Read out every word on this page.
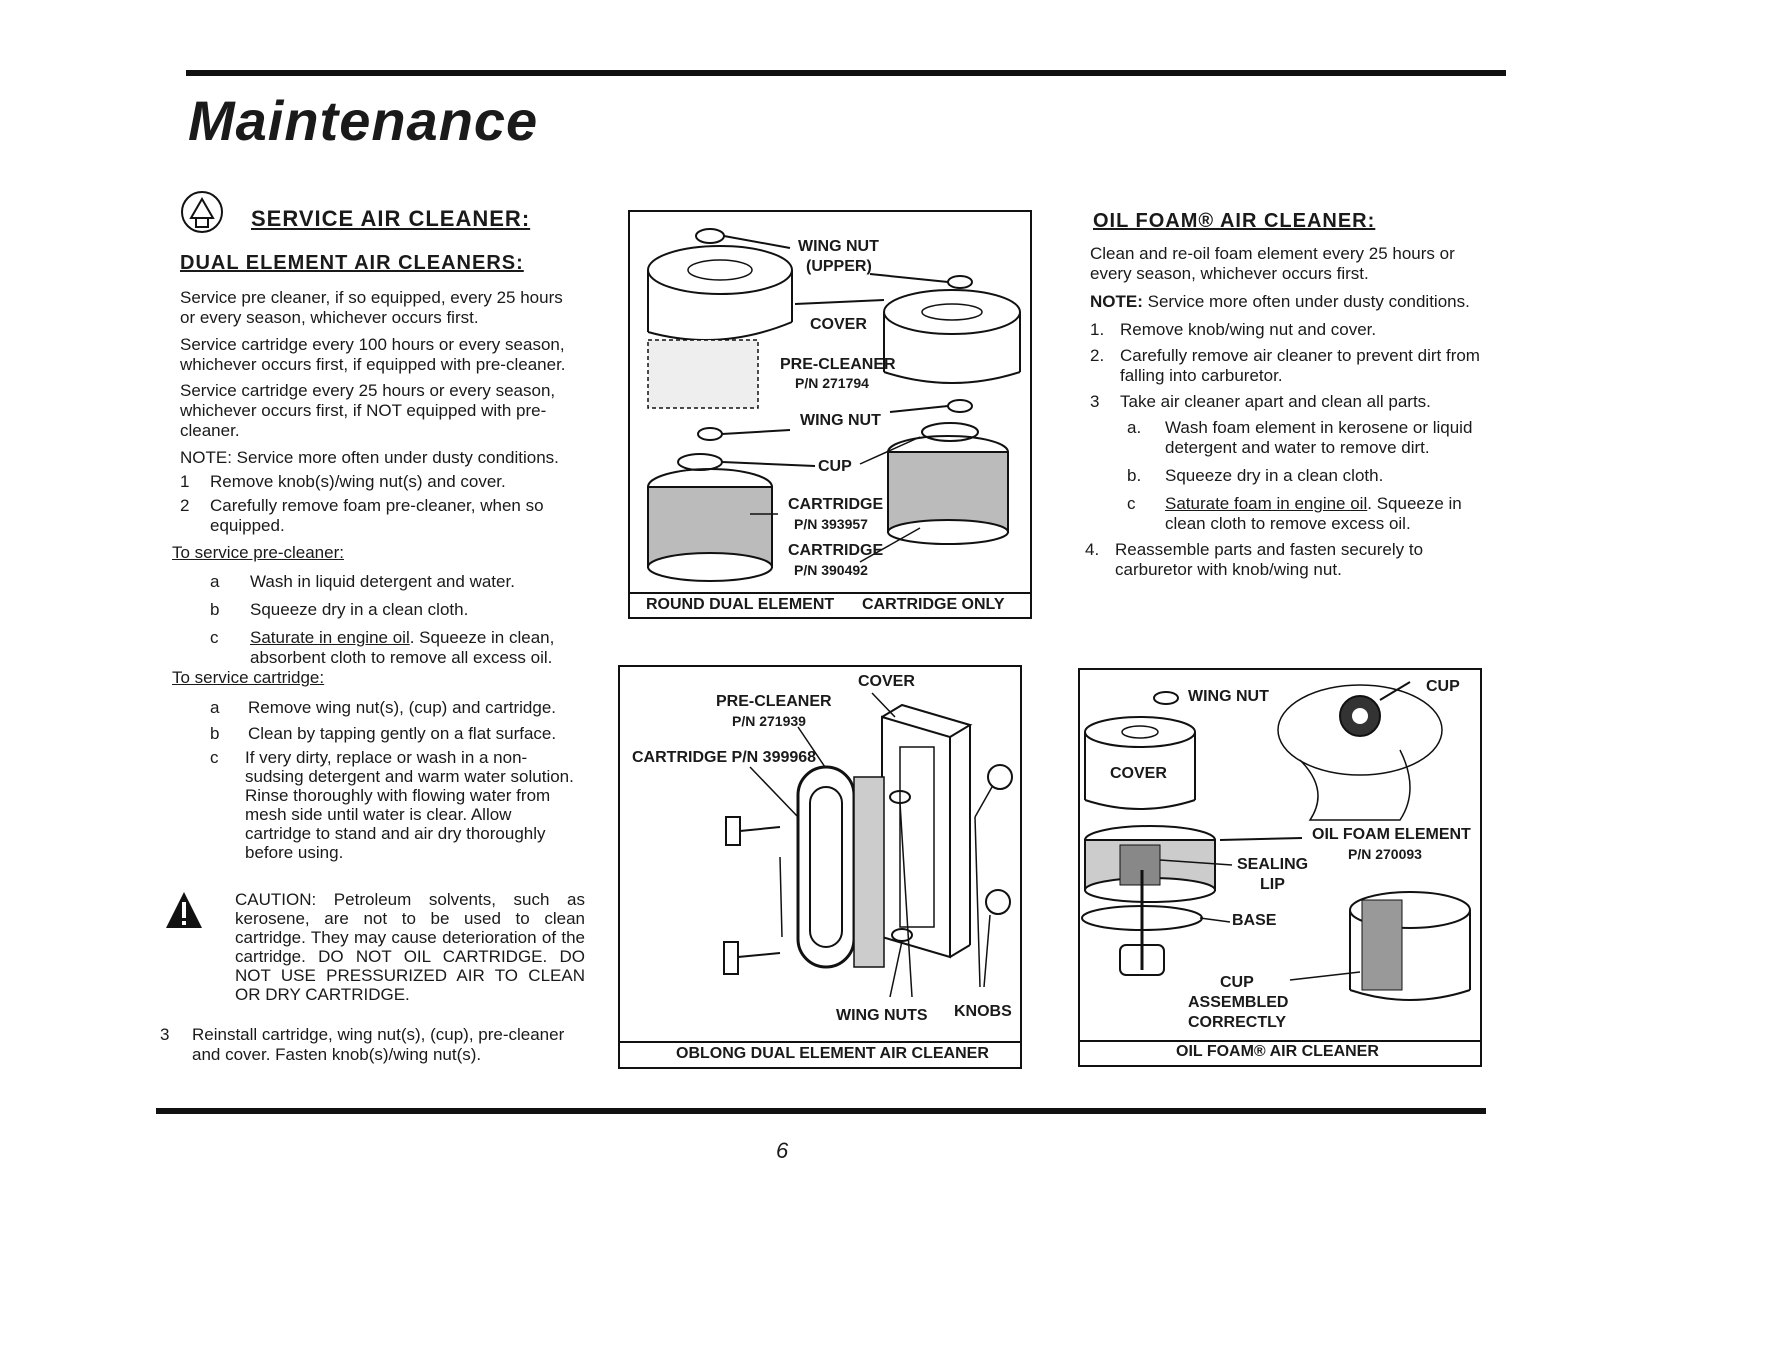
Maintenance
SERVICE AIR CLEANER:
DUAL ELEMENT AIR CLEANERS:

Service pre cleaner, if so equipped, every 25 hours or every season, whichever occurs first.

Service cartridge every 100 hours or every season, whichever occurs first, if equipped with pre-cleaner.

Service cartridge every 25 hours or every season, whichever occurs first, if NOT equipped with pre-cleaner.

NOTE: Service more often under dusty conditions.

1 Remove knob(s)/wing nut(s) and cover.
2 Carefully remove foam pre-cleaner, when so equipped.

To service pre-cleaner:
a Wash in liquid detergent and water.
b Squeeze dry in a clean cloth.
c Saturate in engine oil. Squeeze in clean, absorbent cloth to remove all excess oil.

To service cartridge:
a Remove wing nut(s), (cup) and cartridge.
b Clean by tapping gently on a flat surface.
c If very dirty, replace or wash in a non-sudsing detergent and warm water solution. Rinse thoroughly with flowing water from mesh side until water is clear. Allow cartridge to stand and air dry thoroughly before using.

CAUTION: Petroleum solvents, such as kerosene, are not to be used to clean cartridge. They may cause deterioration of the cartridge. DO NOT OIL CARTRIDGE. DO NOT USE PRESSURIZED AIR TO CLEAN OR DRY CARTRIDGE.

3 Reinstall cartridge, wing nut(s), (cup), pre-cleaner and cover. Fasten knob(s)/wing nut(s).

WING NUT
(UPPER)
COVER
PRE-CLEANER
P/N 271794
WING NUT
CUP
CARTRIDGE
P/N 393957
CARTRIDGE
P/N 390492
ROUND DUAL ELEMENT CARTRIDGE ONLY
PRE-CLEANER
P/N 271939
COVER
CARTRIDGE P/N 399968
WING NUTS KNOBS
OBLONG DUAL ELEMENT AIR CLEANER
OIL FOAM® AIR CLEANER:

Clean and re-oil foam element every 25 hours or every season, whichever occurs first.

NOTE: Service more often under dusty conditions.

1. Remove knob/wing nut and cover.
2. Carefully remove air cleaner to prevent dirt from falling into carburetor.

3 Take air cleaner apart and clean all parts.
a. Wash foam element in kerosene or liquid detergent and water to remove dirt.

b. Squeeze dry in a clean cloth.
c Saturate foam in engine oil. Squeeze in clean cloth to remove excess oil.

4. Reassemble parts and fasten securely to carburetor with knob/wing nut.

WING NUT
CUP
COVER
OIL FOAM ELEMENT
P/N 270093
SEALING
LIP
BASE
CUP
ASSEMBLED
CORRECTLY
OIL FOAM® AIR CLEANER
6
